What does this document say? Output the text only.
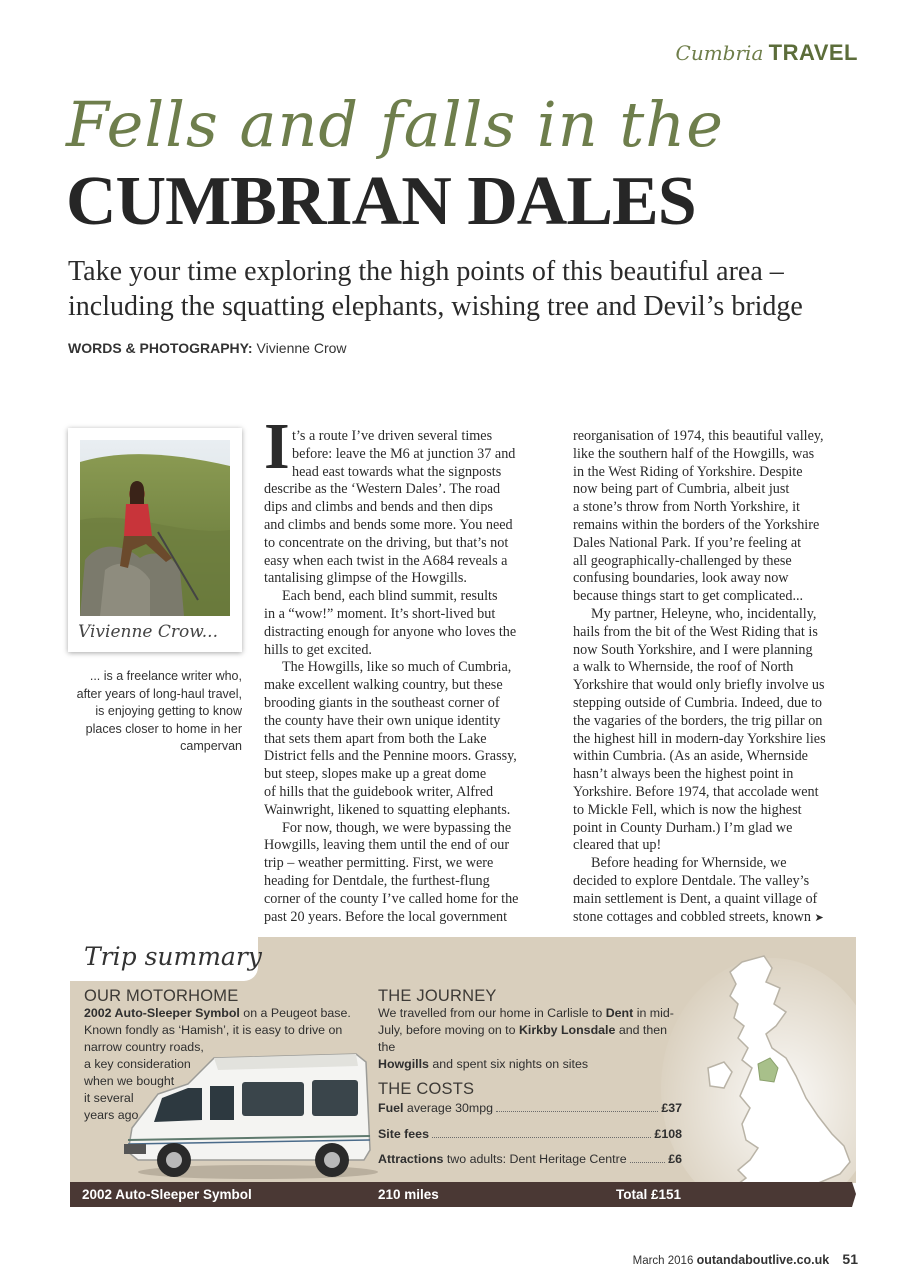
Cumbria TRAVEL
Fells and falls in the
CUMBRIAN DALES
Take your time exploring the high points of this beautiful area –
including the squatting elephants, wishing tree and Devil’s bridge
WORDS & PHOTOGRAPHY: Vivienne Crow
Vivienne Crow...
... is a freelance writer who,
after years of long-haul travel,
is enjoying getting to know
places closer to home in her
campervan
I t’s a route I’ve driven several times
before: leave the M6 at junction 37 and
head east towards what the signposts
describe as the ‘Western Dales’. The road
dips and climbs and bends and then dips
and climbs and bends some more. You need
to concentrate on the driving, but that’s not
easy when each twist in the A684 reveals a
tantalising glimpse of the Howgills.
Each bend, each blind summit, results
in a “wow!” moment. It’s short-lived but
distracting enough for anyone who loves the
hills to get excited.
The Howgills, like so much of Cumbria,
make excellent walking country, but these
brooding giants in the southeast corner of
the county have their own unique identity
that sets them apart from both the Lake
District fells and the Pennine moors. Grassy,
but steep, slopes make up a great dome
of hills that the guidebook writer, Alfred
Wainwright, likened to squatting elephants.
For now, though, we were bypassing the
Howgills, leaving them until the end of our
trip – weather permitting. First, we were
heading for Dentdale, the furthest-flung
corner of the county I’ve called home for the
past 20 years. Before the local government
reorganisation of 1974, this beautiful valley,
like the southern half of the Howgills, was
in the West Riding of Yorkshire. Despite
now being part of Cumbria, albeit just
a stone’s throw from North Yorkshire, it
remains within the borders of the Yorkshire
Dales National Park. If you’re feeling at
all geographically-challenged by these
confusing boundaries, look away now
because things start to get complicated...
My partner, Heleyne, who, incidentally,
hails from the bit of the West Riding that is
now South Yorkshire, and I were planning
a walk to Whernside, the roof of North
Yorkshire that would only briefly involve us
stepping outside of Cumbria. Indeed, due to
the vagaries of the borders, the trig pillar on
the highest hill in modern-day Yorkshire lies
within Cumbria. (As an aside, Whernside
hasn’t always been the highest point in
Yorkshire. Before 1974, that accolade went
to Mickle Fell, which is now the highest
point in County Durham.) I’m glad we
cleared that up!
Before heading for Whernside, we
decided to explore Dentdale. The valley’s
main settlement is Dent, a quaint village of
stone cottages and cobbled streets, known ➤
Trip summary
OUR MOTORHOME
2002 Auto-Sleeper Symbol on a Peugeot base.
Known fondly as ‘Hamish’, it is easy to drive on
narrow country roads,
a key consideration
when we bought
it several
years ago
THE JOURNEY
We travelled from our home in Carlisle to Dent in mid-
July, before moving on to Kirkby Lonsdale and then the
Howgills and spent six nights on sites
THE COSTS
Fuel average 30mpg	£37
Site fees	£108
Attractions two adults: Dent Heritage Centre	£6
2002 Auto-Sleeper Symbol	210 miles	Total £151
March 2016 outandaboutlive.co.uk 51
